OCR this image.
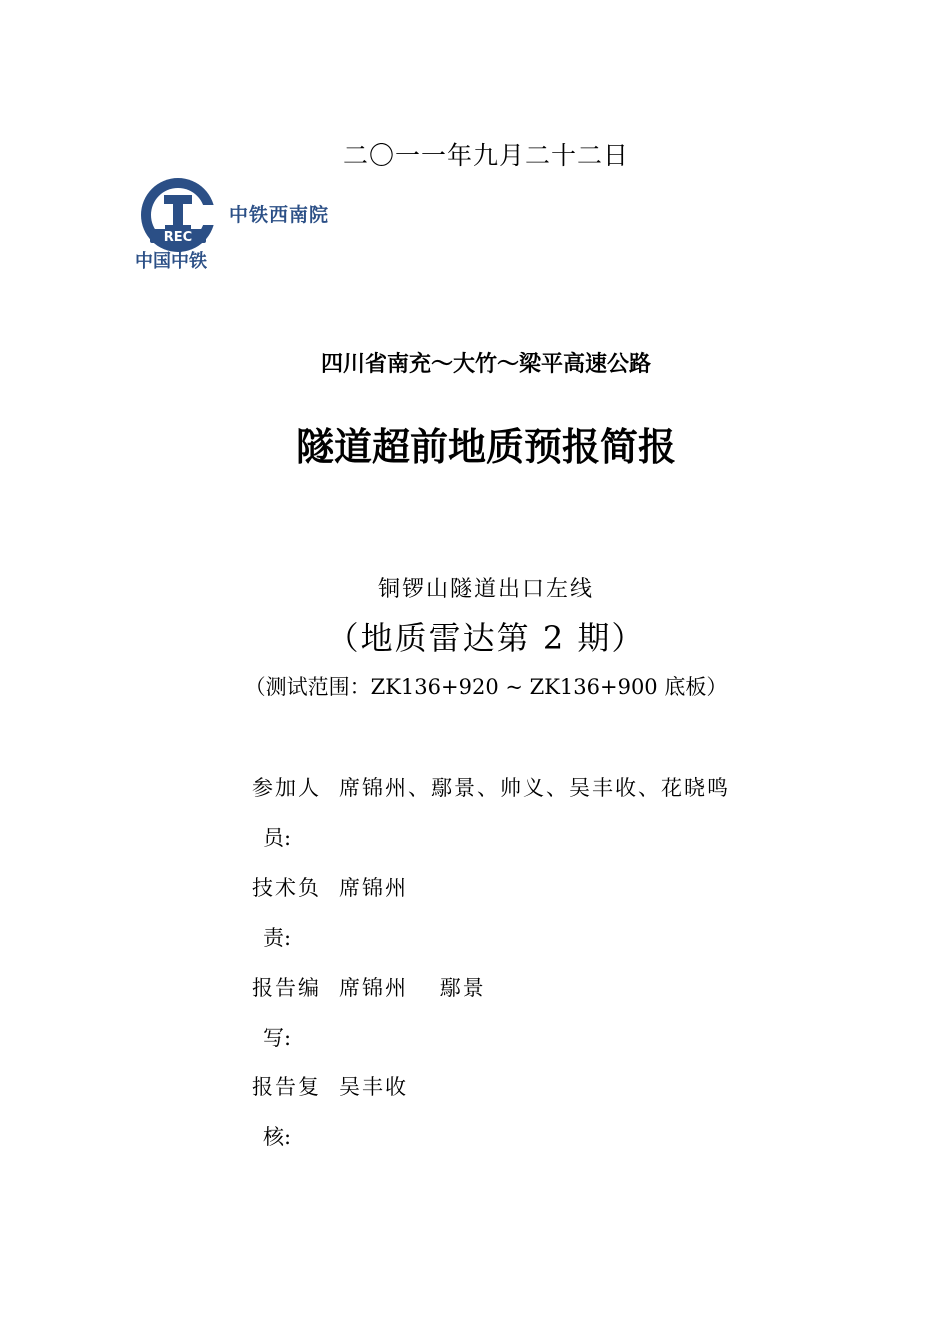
二〇一一年九月二十二日
REC
中铁西南院
中国中铁
四川省南充～大竹～梁平高速公路
隧道超前地质预报简报
铜锣山隧道出口左线
（地质雷达第 2 期）
（测试范围：ZK136+920 ~ ZK136+900 底板）
参加人
员:
席锦州、鄢景、帅义、吴丰收、花晓鸣
技术负
责:
席锦州
报告编
写:
席锦州　 鄢景
报告复
核:
吴丰收
